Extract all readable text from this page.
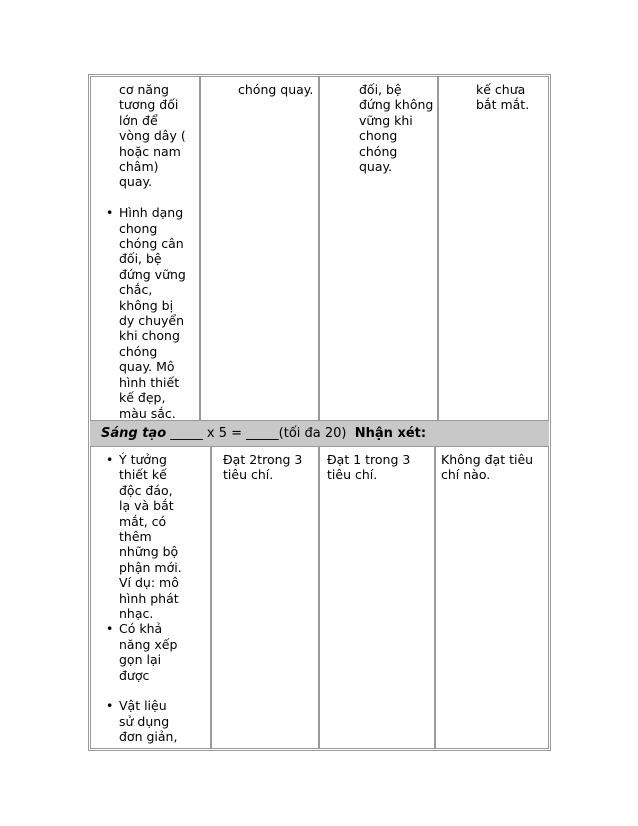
cơ năng
tương đối
lớn để
vòng dây (
hoặc nam
châm)
quay.
• Hình dạng
chong
chóng cân
đối, bệ
đứng vững
chắc,
không bị
dy chuyển
khi chong
chóng
quay. Mô
hình thiết
kế đẹp,
màu sắc.
chóng quay.	đối, bệ
đứng không
vững khi
chong
chóng
quay.
kế chưa
bắt mắt.
Sáng tạo _____ x 5 = _____(tối đa 20)  Nhận xét:
• Ý tưởng
thiết kế
độc đáo,
lạ và bắt
mắt, có
thêm
những bộ
phận mới.
Ví dụ: mô
hình phát
nhạc.
• Có khả
năng xếp
gọn lại
được
• Vật liệu
sử dụng
đơn giản,
Đạt 2trong 3
tiêu chí.
Đạt 1 trong 3
tiêu chí.
Không đạt tiêu
chí nào.
